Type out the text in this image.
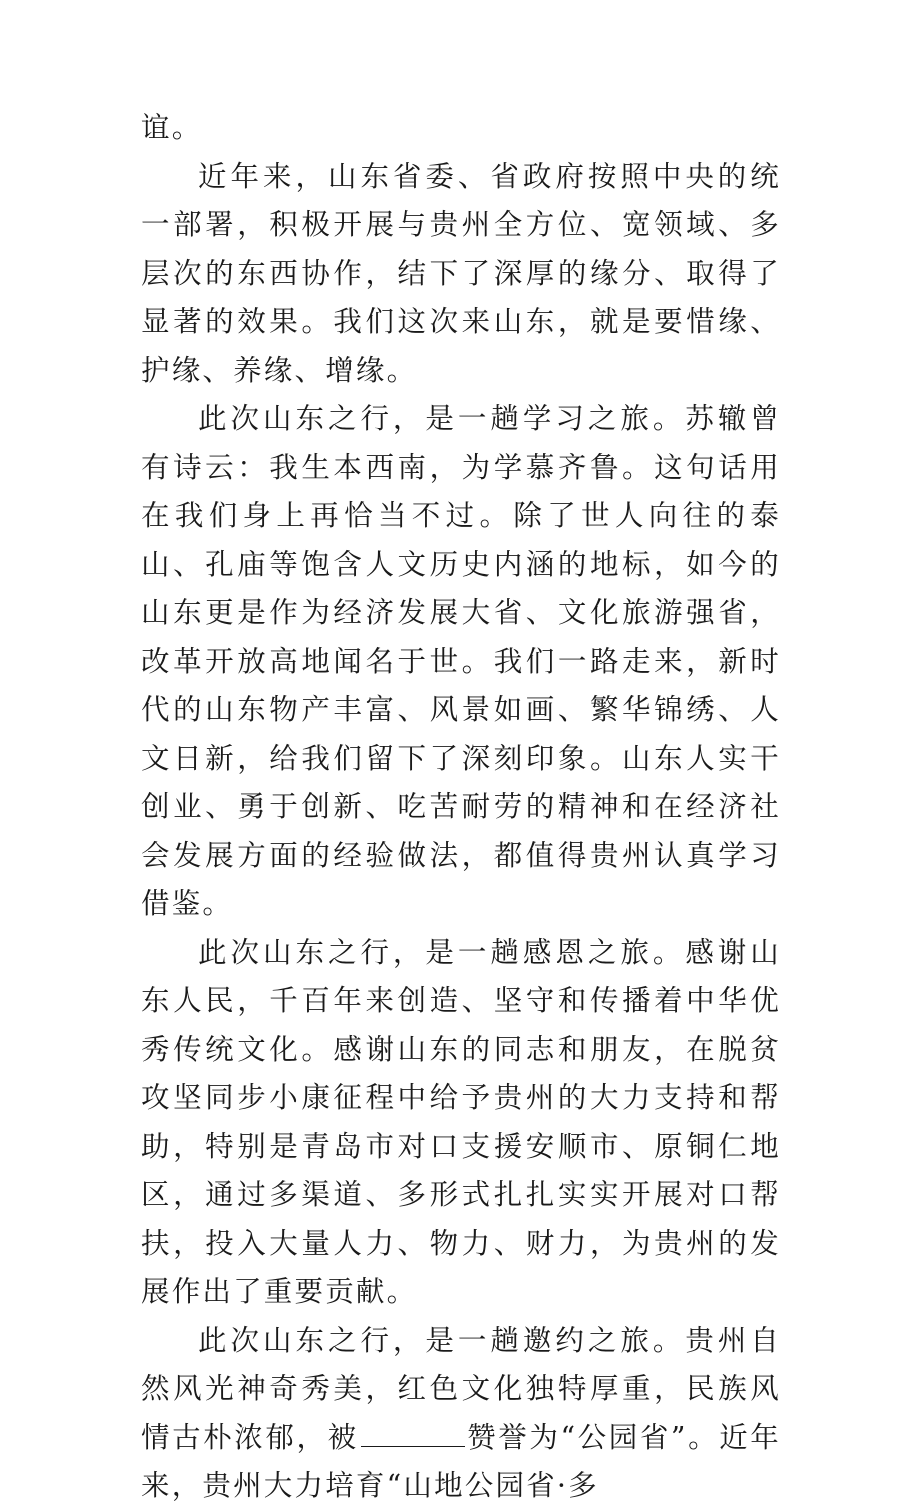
谊。

近年来，山东省委、省政府按照中央的统一部署，积极开展与贵州全方位、宽领域、多层次的东西协作，结下了深厚的缘分、取得了显著的效果。我们这次来山东，就是要惜缘、护缘、养缘、增缘。

此次山东之行，是一趟学习之旅。苏辙曾有诗云：我生本西南，为学慕齐鲁。这句话用在我们身上再恰当不过。除了世人向往的泰山、孔庙等饱含人文历史内涵的地标，如今的山东更是作为经济发展大省、文化旅游强省，改革开放高地闻名于世。我们一路走来，新时代的山东物产丰富、风景如画、繁华锦绣、人文日新，给我们留下了深刻印象。山东人实干创业、勇于创新、吃苦耐劳的精神和在经济社会发展方面的经验做法，都值得贵州认真学习借鉴。

此次山东之行，是一趟感恩之旅。感谢山东人民，千百年来创造、坚守和传播着中华优秀传统文化。感谢山东的同志和朋友，在脱贫攻坚同步小康征程中给予贵州的大力支持和帮助，特别是青岛市对口支援安顺市、原铜仁地区，通过多渠道、多形式扎扎实实开展对口帮扶，投入大量人力、物力、财力，为贵州的发展作出了重要贡献。

此次山东之行，是一趟邀约之旅。贵州自然风光神奇秀美，红色文化独特厚重，民族风情古朴浓郁，被	赞誉为“公园省”。近年来，贵州大力培育“山地公园省·多
